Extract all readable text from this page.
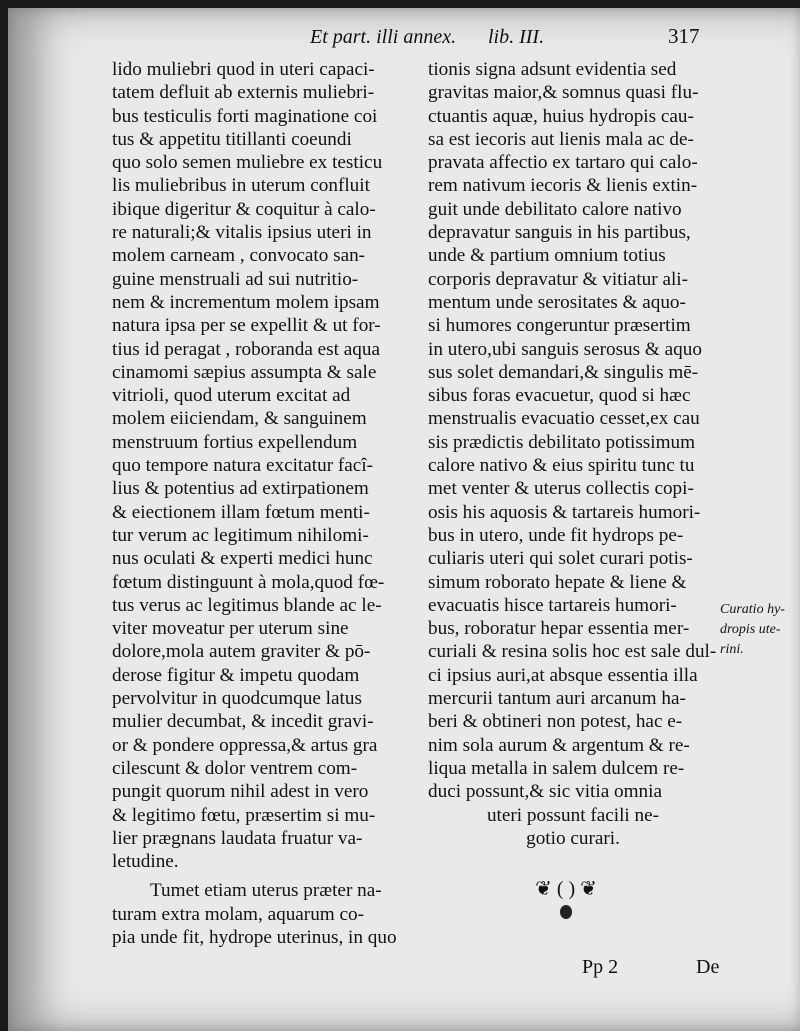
Et part. illi annex. lib. III.	317
lido muliebri quod in uteri capaci-
tatem defluit ab externis muliebri-
bus testiculis forti maginatione coi
tus & appetitu titillanti coeundi
quo solo semen muliebre ex testicu
lis muliebribus in uterum confluit
ibique digeritur & coquitur à calo-
re naturali;& vitalis ipsius uteri in
molem carneam , convocato san-
guine menstruali ad sui nutritio-
nem & incrementum molem ipsam
natura ipsa per se expellit & ut for-
tius id peragat , roboranda est aqua
cinamomi sæpius assumpta & sale
vitrioli, quod uterum excitat ad
molem eiiciendam, & sanguinem
menstruum fortius expellendum
quo tempore natura excitatur facî-
lius & potentius ad extirpationem
& eiectionem illam fœtum menti-
tur verum ac legitimum nihilomi-
nus oculati & experti medici hunc
fœtum distinguunt à mola,quod fœ-
tus verus ac legitimus blande ac le-
viter moveatur per uterum sine
dolore,mola autem graviter & pō-
derose figitur & impetu quodam
pervolvitur in quodcumque latus
mulier decumbat, & incedit gravi-
or & pondere oppressa,& artus gra
cilescunt & dolor ventrem com-
pungit quorum nihil adest in vero
& legitimo fœtu, præsertim si mu-
lier prægnans laudata fruatur va-
letudine.
Tumet etiam uterus præter na-
turam extra molam, aquarum co-
pia unde fit, hydrope uterinus, in quo
tionis signa adsunt evidentia sed
gravitas maior,& somnus quasi flu-
ctuantis aquæ, huius hydropis cau-
sa est iecoris aut lienis mala ac de-
pravata affectio ex tartaro qui calo-
rem nativum iecoris & lienis extin-
guit unde debilitato calore nativo
depravatur sanguis in his partibus,
unde & partium omnium totius
corporis depravatur & vitiatur ali-
mentum unde serositates & aquo-
si humores congeruntur præsertim
in utero,ubi sanguis serosus & aquo
sus solet demandari,& singulis mē-
sibus foras evacuetur, quod si hæc
menstrualis evacuatio cesset,ex cau
sis prædictis debilitato potissimum
calore nativo & eius spiritu tunc tu
met venter & uterus collectis copi-
osis his aquosis & tartareis humori-
bus in utero, unde fit hydrops pe-
culiaris uteri qui solet curari potis-
simum roborato hepate & liene &
evacuatis hisce tartareis humori-
bus, roboratur hepar essentia mer-
curiali & resina solis hoc est sale dul-
ci ipsius auri,at absque essentia illa
mercurii tantum auri arcanum ha-
beri & obtineri non potest, hac e-
nim sola aurum & argentum & re-
liqua metalla in salem dulcem re-
duci possunt,& sic vitia omnia
uteri possunt facili ne-
gotio curari.
Curatio hy-
dropis ute-
rini.
❦ ( ) ❦
Pp 2	De
